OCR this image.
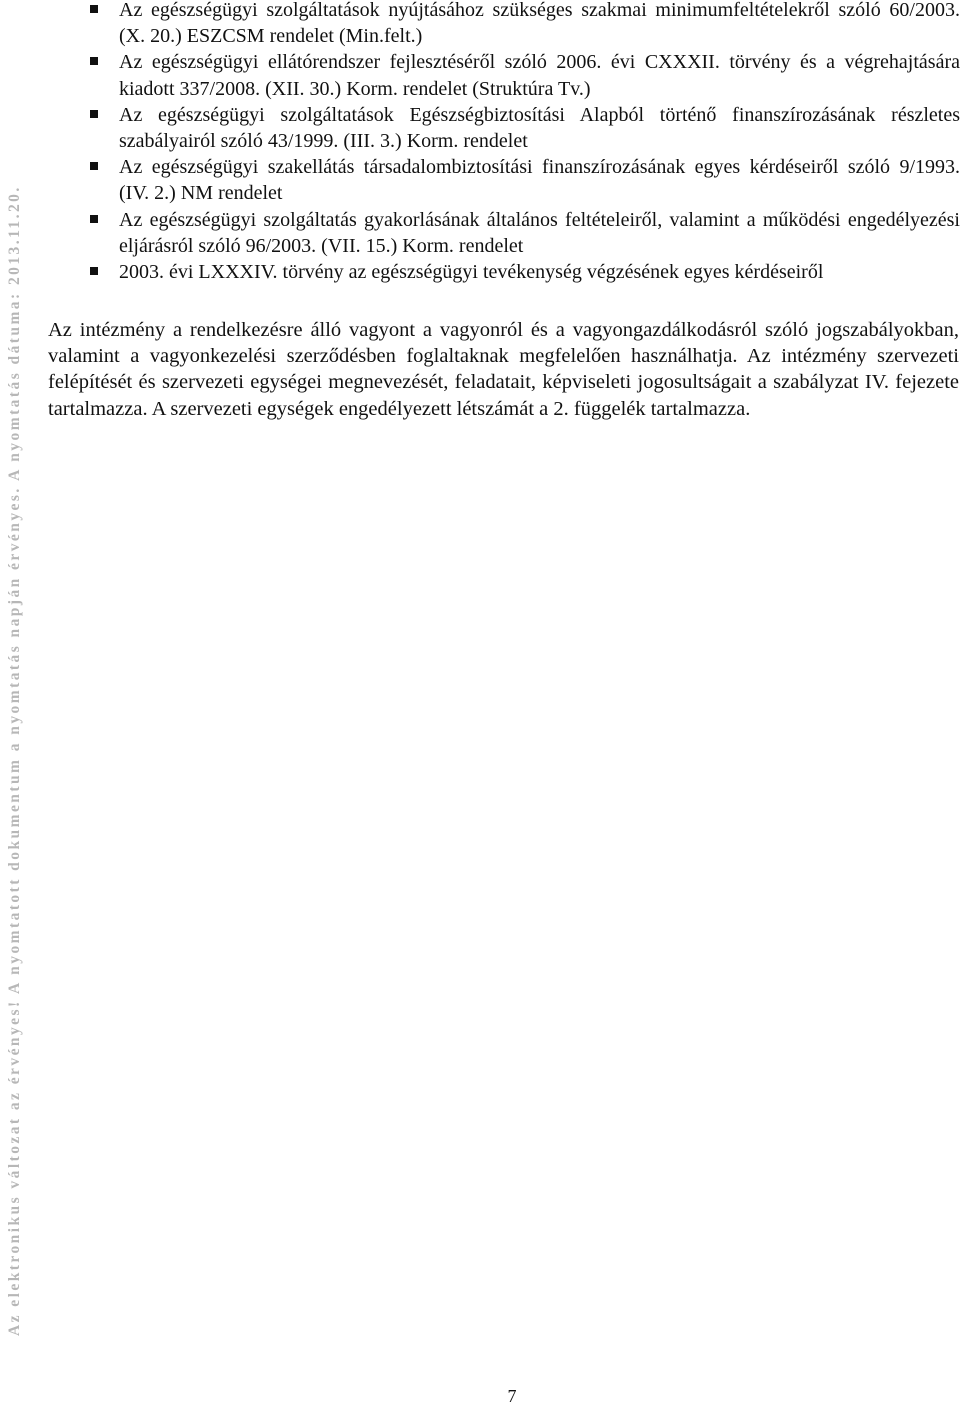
Az elektronikus változat az érvényes! A nyomtatott dokumentum a nyomtatás napján érvényes. A nyomtatás dátuma: 2013.11.20.
Az egészségügyi szolgáltatások nyújtásához szükséges szakmai minimumfeltételekről szóló 60/2003. (X. 20.) ESZCSM rendelet (Min.felt.)
Az egészségügyi ellátórendszer fejlesztéséről szóló 2006. évi CXXXII. törvény és a végrehajtására kiadott 337/2008. (XII. 30.) Korm. rendelet (Struktúra Tv.)
Az egészségügyi szolgáltatások Egészségbiztosítási Alapból történő finanszírozásának részletes szabályairól szóló 43/1999. (III. 3.) Korm. rendelet
Az egészségügyi szakellátás társadalombiztosítási finanszírozásának egyes kérdéseiről szóló 9/1993. (IV. 2.) NM rendelet
Az egészségügyi szolgáltatás gyakorlásának általános feltételeiről, valamint a működési engedélyezési eljárásról szóló 96/2003. (VII. 15.) Korm. rendelet
2003. évi LXXXIV. törvény az egészségügyi tevékenység végzésének egyes kérdéseiről

Az intézmény a rendelkezésre álló vagyont a vagyonról és a vagyongazdálkodásról szóló jogszabályokban, valamint a vagyonkezelési szerződésben foglaltaknak megfelelően használhatja. Az intézmény szervezeti felépítését és szervezeti egységei megnevezését, feladatait, képviseleti jogosultságait a szabályzat IV. fejezete tartalmazza. A szervezeti egységek engedélyezett létszámát a 2. függelék tartalmazza.

7
